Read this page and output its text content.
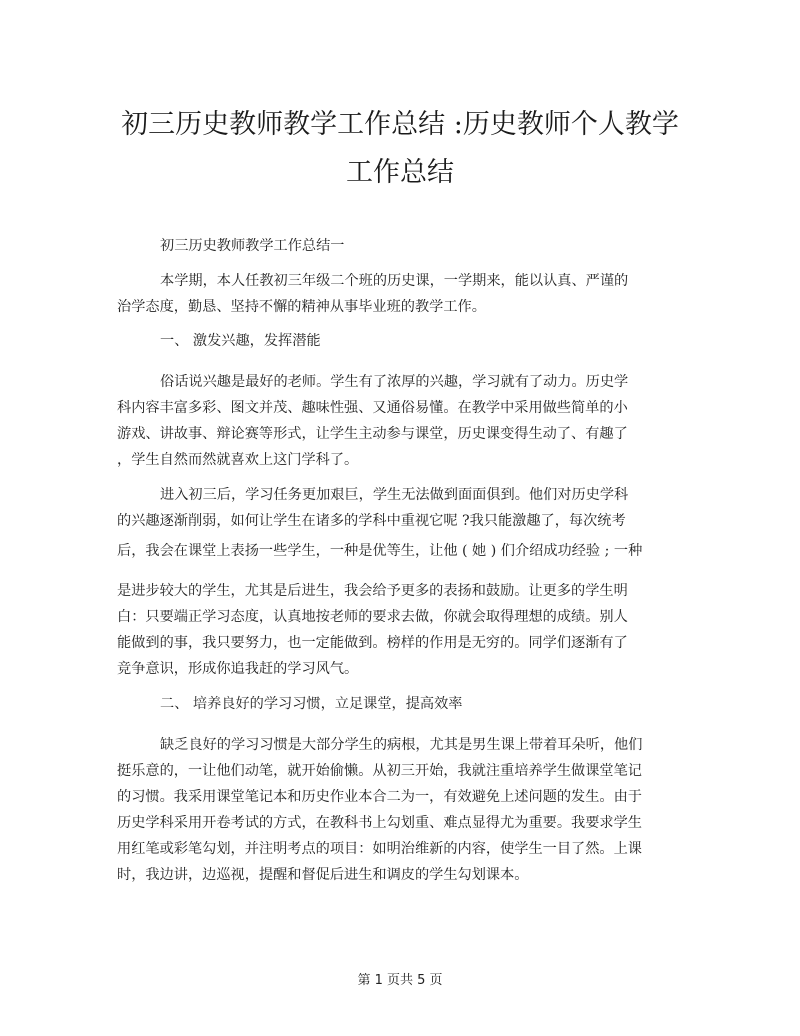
初三历史教师教学工作总结 :历史教师个人教学
工作总结
初三历史教师教学工作总结一
本学期，本人任教初三年级二个班的历史课，一学期来，能以认真、严谨的
治学态度，勤恳、坚持不懈的精神从事毕业班的教学工作。
一、 激发兴趣，发挥潜能
俗话说兴趣是最好的老师。学生有了浓厚的兴趣，学习就有了动力。历史学
科内容丰富多彩、图文并茂、趣味性强、又通俗易懂。在教学中采用做些简单的小
游戏、讲故事、辩论赛等形式，让学生主动参与课堂，历史课变得生动了、有趣了
，学生自然而然就喜欢上这门学科了。
进入初三后，学习任务更加艰巨，学生无法做到面面俱到。他们对历史学科
的兴趣逐渐削弱，如何让学生在诸多的学科中重视它呢 ?我只能激趣了，每次统考
后，我会在课堂上表扬一些学生，一种是优等生，让他 ( 她 ) 们介绍成功经验 ; 一种
是进步较大的学生，尤其是后进生，我会给予更多的表扬和鼓励。让更多的学生明
白：只要端正学习态度，认真地按老师的要求去做，你就会取得理想的成绩。别人
能做到的事，我只要努力，也一定能做到。榜样的作用是无穷的。同学们逐渐有了
竞争意识，形成你追我赶的学习风气。
二、 培养良好的学习习惯，立足课堂，提高效率
缺乏良好的学习习惯是大部分学生的病根，尤其是男生课上带着耳朵听，他们
挺乐意的，一让他们动笔，就开始偷懒。从初三开始，我就注重培养学生做课堂笔记
的习惯。我采用课堂笔记本和历史作业本合二为一，有效避免上述问题的发生。由于
历史学科采用开卷考试的方式，在教科书上勾划重、难点显得尤为重要。我要求学生
用红笔或彩笔勾划，并注明考点的项目：如明治维新的内容，使学生一目了然。上课
时，我边讲，边巡视，提醒和督促后进生和调皮的学生勾划课本。
第 1 页共 5 页
